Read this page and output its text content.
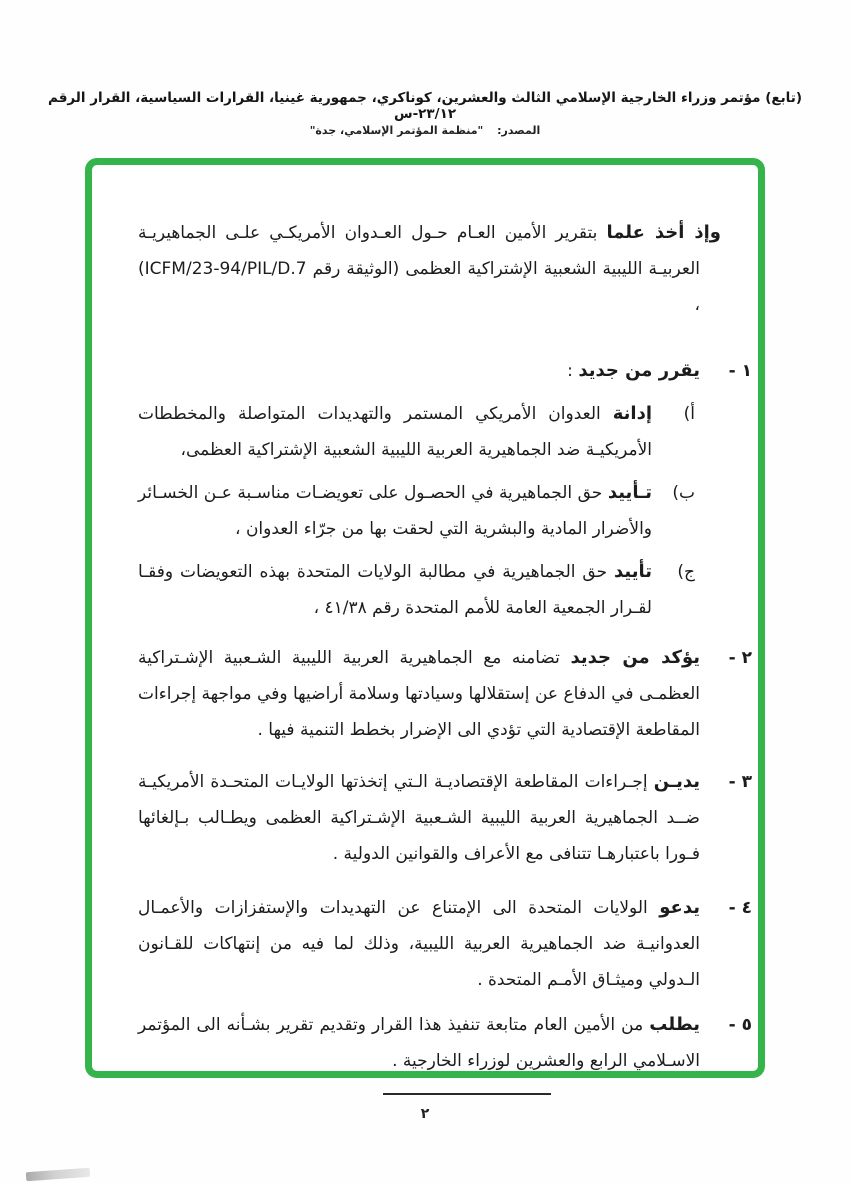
(تابع) مؤتمر وزراء الخارجية الإسلامي الثالث والعشرين، كوناكري، جمهورية غينيا، القرارات السياسية، القرار الرقم ٢٣/١٢-س
المصدر: "منظمة المؤتمر الإسلامي، جدة"

وإذ أخذ علما بتقرير الأمين العـام حـول العـدوان الأمريكـي علـى الجماهيريـة العربيـة الليبية الشعبية الإشتراكية العظمى (الوثيقة رقم ICFM/23-94/PIL/D.7) ،

١ -
يقرر من جديد :
أ)
إدانة العدوان الأمريكي المستمر والتهديدات المتواصلة والمخططات الأمريكيـة ضد الجماهيرية العربية الليبية الشعبية الإشتراكية العظمى،
ب)
تـأييد حق الجماهيرية في الحصـول على تعويضـات مناسـبة عـن الخسـائر والأضرار المادية والبشرية التي لحقت بها من جرّاء العدوان ،
ج)
تأييد حق الجماهيرية في مطالبة الولايات المتحدة بهذه التعويضات وفقـا لقـرار الجمعية العامة للأمم المتحدة رقم ٤١/٣٨ ،
٢ -
يؤكد من جديد تضامنه مع الجماهيرية العربية الليبية الشـعبية الإشـتراكية العظمـى في الدفاع عن إستقلالها وسيادتها وسلامة أراضيها وفي مواجهة إجراءات المقاطعة الإقتصادية التي تؤدي الى الإضرار بخطط التنمية فيها .
٣ -
يديـن إجـراءات المقاطعة الإقتصاديـة الـتي إتخذتها الولايـات المتحـدة الأمريكيـة ضــد الجماهيرية العربية الليبية الشـعبية الإشـتراكية العظمى ويطـالب بـإلغائها فـورا باعتبارهـا تتنافى مع الأعراف والقوانين الدولية .
٤ -
يدعو الولايات المتحدة الى الإمتناع عن التهديدات والإستفزازات والأعمـال العدوانيـة ضد الجماهيرية العربية الليبية، وذلك لما فيه من إنتهاكات للقـانون الـدولي وميثـاق الأمـم المتحدة .
٥ -
يطلب من الأمين العام متابعة تنفيذ هذا القرار وتقديم تقرير بشـأنه الى المؤتمر الاسـلامي الرابع والعشرين لوزراء الخارجية .
٢
